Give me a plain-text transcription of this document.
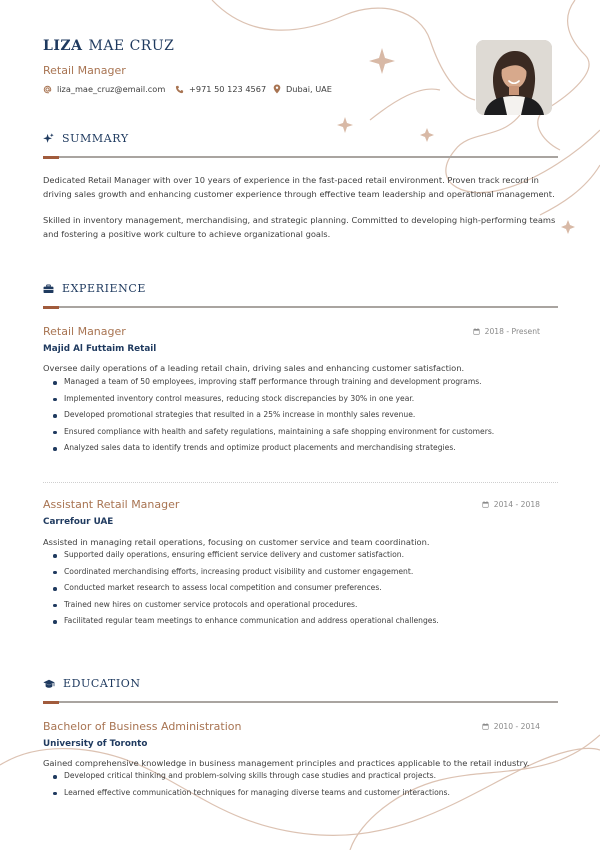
LIZA MAE CRUZ
Retail Manager
liza_mae_cruz@email.com	+971 50 123 4567 Dubai, UAE
SUMMARY
Dedicated Retail Manager with over 10 years of experience in the fast-paced retail environment. Proven track record in driving sales growth and enhancing customer experience through effective team leadership and operational management.
Skilled in inventory management, merchandising, and strategic planning. Committed to developing high-performing teams and fostering a positive work culture to achieve organizational goals.
EXPERIENCE
Retail Manager	2018 - Present
Majid Al Futtaim Retail
Oversee daily operations of a leading retail chain, driving sales and enhancing customer satisfaction.
Managed a team of 50 employees, improving staff performance through training and development programs.
Implemented inventory control measures, reducing stock discrepancies by 30% in one year.
Developed promotional strategies that resulted in a 25% increase in monthly sales revenue.
Ensured compliance with health and safety regulations, maintaining a safe shopping environment for customers.
Analyzed sales data to identify trends and optimize product placements and merchandising strategies.
Assistant Retail Manager	2014 - 2018
Carrefour UAE
Assisted in managing retail operations, focusing on customer service and team coordination.
Supported daily operations, ensuring efficient service delivery and customer satisfaction.
Coordinated merchandising efforts, increasing product visibility and customer engagement.
Conducted market research to assess local competition and consumer preferences.
Trained new hires on customer service protocols and operational procedures.
Facilitated regular team meetings to enhance communication and address operational challenges.
EDUCATION
Bachelor of Business Administration	2010 - 2014
University of Toronto
Gained comprehensive knowledge in business management principles and practices applicable to the retail industry.
Developed critical thinking and problem-solving skills through case studies and practical projects.
Learned effective communication techniques for managing diverse teams and customer interactions.
